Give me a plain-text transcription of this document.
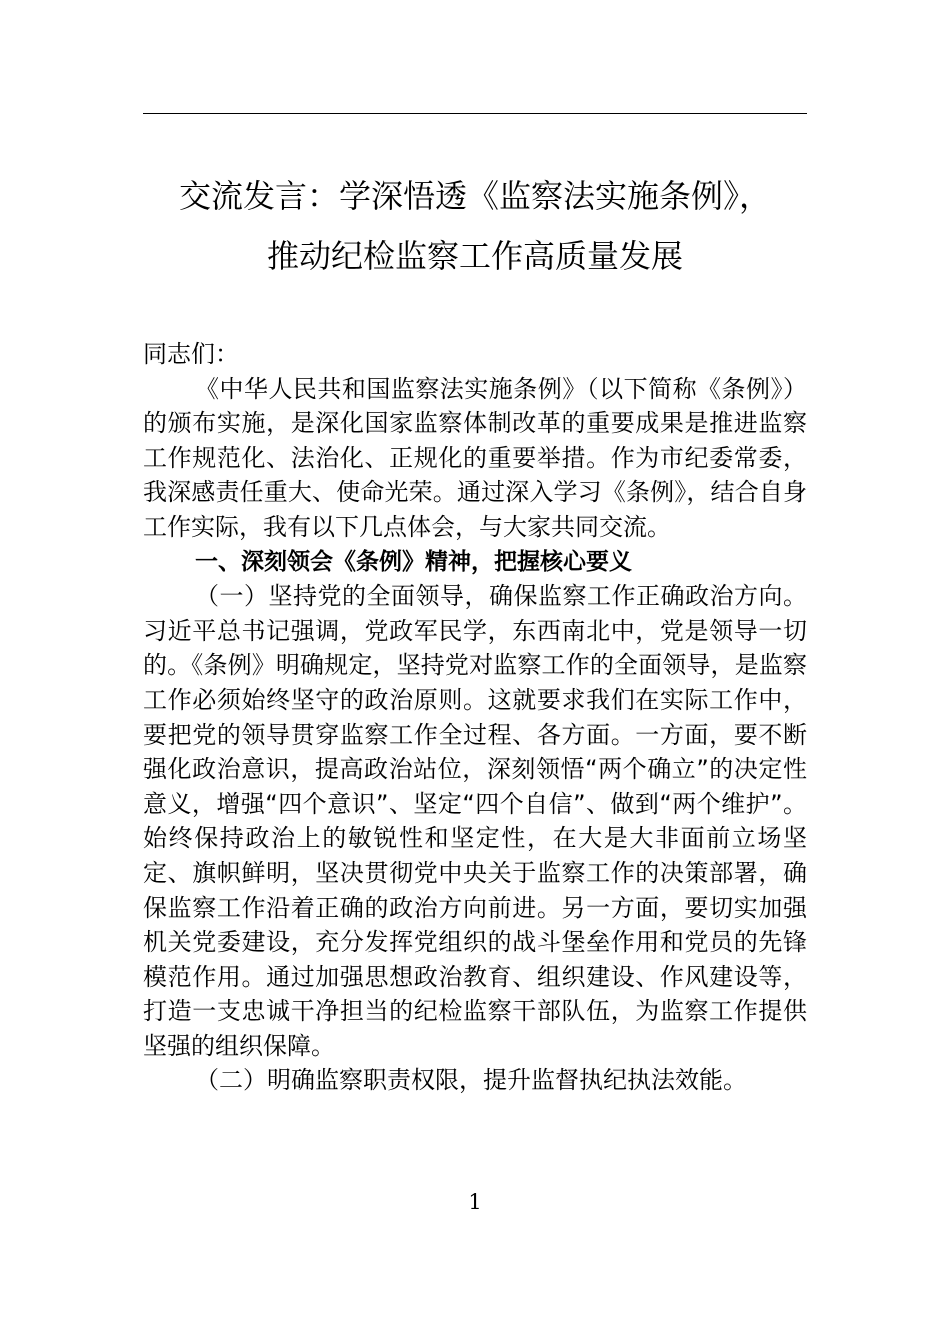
交流发言：学深悟透《监察法实施条例》，
推动纪检监察工作高质量发展

同志们：

《中华人民共和国监察法实施条例》（以下简称《条例》）的颁布实施，是深化国家监察体制改革的重要成果是推进监察工作规范化、法治化、正规化的重要举措。作为市纪委常委，我深感责任重大、使命光荣。通过深入学习《条例》，结合自身工作实际，我有以下几点体会，与大家共同交流。

一、深刻领会《条例》精神，把握核心要义

（一）坚持党的全面领导，确保监察工作正确政治方向。习近平总书记强调，党政军民学，东西南北中，党是领导一切的。《条例》明确规定，坚持党对监察工作的全面领导，是监察工作必须始终坚守的政治原则。这就要求我们在实际工作中，要把党的领导贯穿监察工作全过程、各方面。一方面，要不断强化政治意识，提高政治站位，深刻领悟“两个确立”的决定性意义，增强“四个意识”、坚定“四个自信”、做到“两个维护”。始终保持政治上的敏锐性和坚定性，在大是大非面前立场坚定、旗帜鲜明，坚决贯彻党中央关于监察工作的决策部署，确保监察工作沿着正确的政治方向前进。另一方面，要切实加强机关党委建设，充分发挥党组织的战斗堡垒作用和党员的先锋模范作用。通过加强思想政治教育、组织建设、作风建设等，打造一支忠诚干净担当的纪检监察干部队伍，为监察工作提供坚强的组织保障。

（二）明确监察职责权限，提升监督执纪执法效能。

1
